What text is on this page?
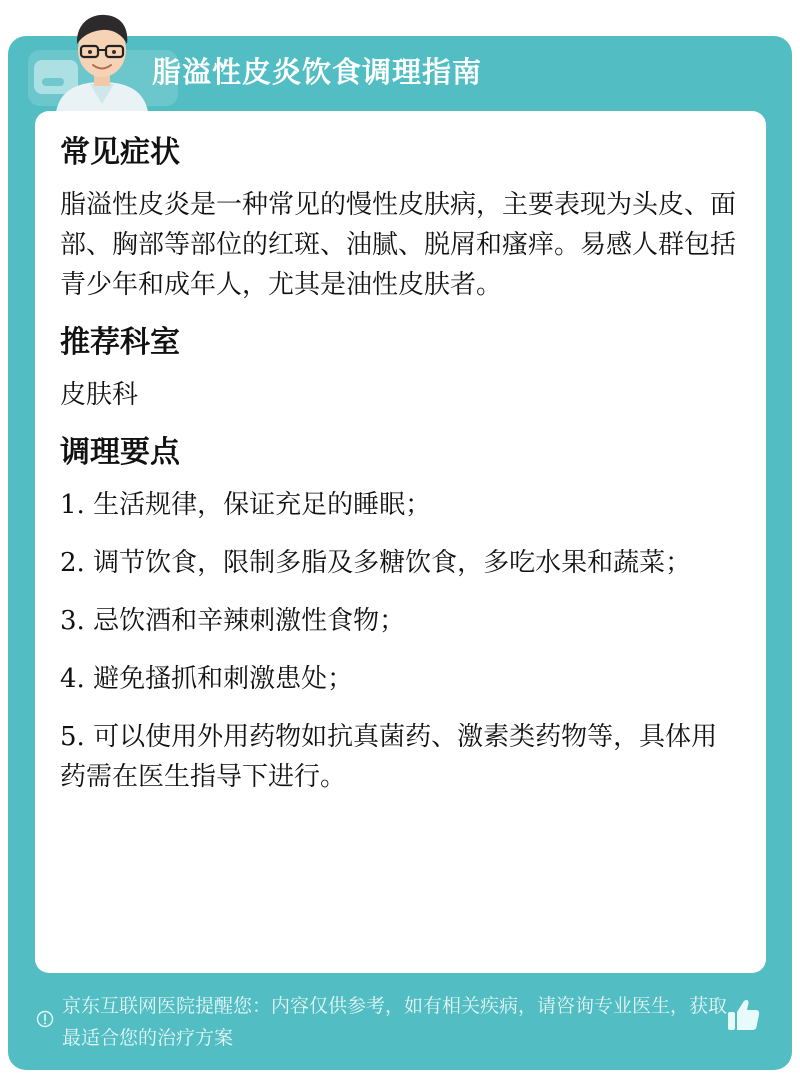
脂溢性皮炎饮食调理指南
常见症状
脂溢性皮炎是一种常见的慢性皮肤病，主要表现为头皮、面部、胸部等部位的红斑、油腻、脱屑和瘙痒。易感人群包括青少年和成年人，尤其是油性皮肤者。
推荐科室
皮肤科
调理要点
1. 生活规律，保证充足的睡眠；
2. 调节饮食，限制多脂及多糖饮食，多吃水果和蔬菜；
3. 忌饮酒和辛辣刺激性食物；
4. 避免搔抓和刺激患处；
5. 可以使用外用药物如抗真菌药、激素类药物等，具体用药需在医生指导下进行。
京东互联网医院提醒您：内容仅供参考，如有相关疾病，请咨询专业医生，获取最适合您的治疗方案
